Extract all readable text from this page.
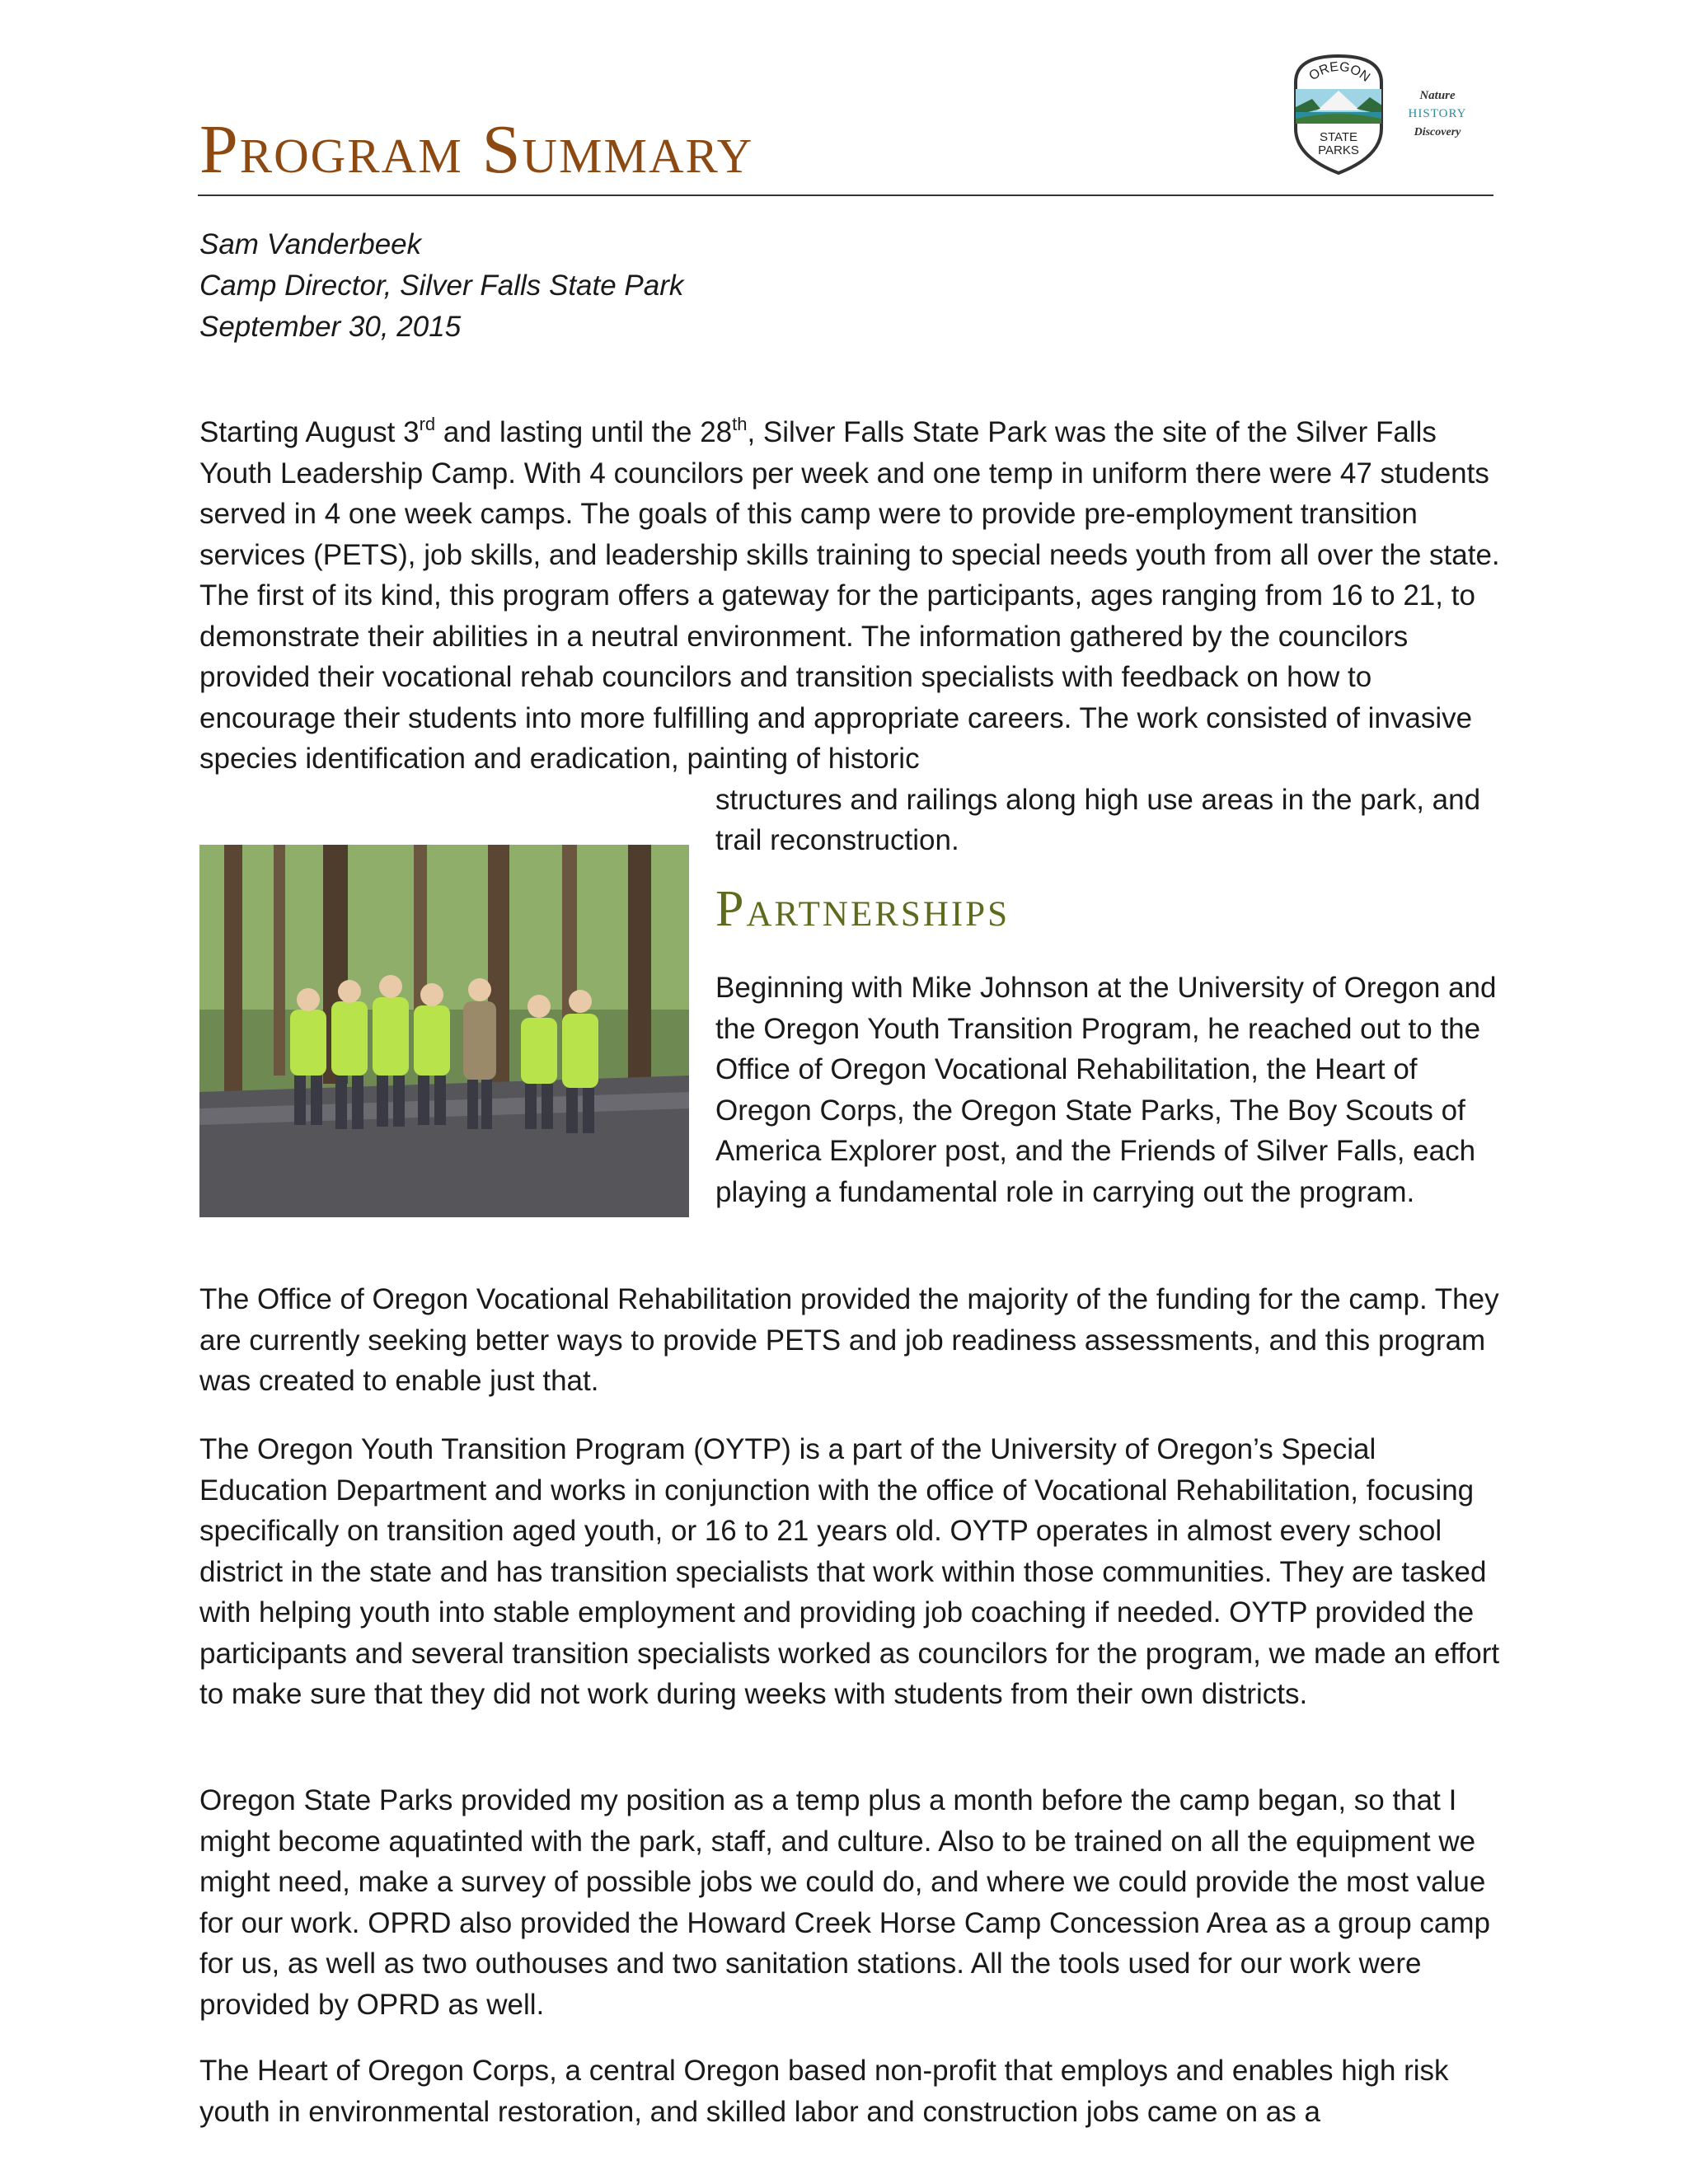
Program Summary
OREGON
STATE
PARKS
Nature
HISTORY
Discovery
Sam Vanderbeek
Camp Director, Silver Falls State Park
September 30, 2015

Starting August 3rd and lasting until the 28th, Silver Falls State Park was the site of the Silver Falls Youth Leadership Camp. With 4 councilors per week and one temp in uniform there were 47 students served in 4 one week camps. The goals of this camp were to provide pre-employment transition services (PETS), job skills, and leadership skills training to special needs youth from all over the state. The first of its kind, this program offers a gateway for the participants, ages ranging from 16 to 21, to demonstrate their abilities in a neutral environment. The information gathered by the councilors provided their vocational rehab councilors and transition specialists with feedback on how to encourage their students into more fulfilling and appropriate careers. The work consisted of invasive species identification and eradication, painting of historic
structures and railings along high use areas in the park, and trail reconstruction.

Partnerships

Beginning with Mike Johnson at the University of Oregon and the Oregon Youth Transition Program, he reached out to the Office of Oregon Vocational Rehabilitation, the Heart of Oregon Corps, the Oregon State Parks, The Boy Scouts of America Explorer post, and the Friends of Silver Falls, each playing a fundamental role in carrying out the program.

The Office of Oregon Vocational Rehabilitation provided the majority of the funding for the camp. They are currently seeking better ways to provide PETS and job readiness assessments, and this program was created to enable just that.

The Oregon Youth Transition Program (OYTP) is a part of the University of Oregon’s Special Education Department and works in conjunction with the office of Vocational Rehabilitation, focusing specifically on transition aged youth, or 16 to 21 years old. OYTP operates in almost every school district in the state and has transition specialists that work within those communities. They are tasked with helping youth into stable employment and providing job coaching if needed. OYTP provided the participants and several transition specialists worked as councilors for the program, we made an effort to make sure that they did not work during weeks with students from their own districts.

Oregon State Parks provided my position as a temp plus a month before the camp began, so that I might become aquatinted with the park, staff, and culture. Also to be trained on all the equipment we might need, make a survey of possible jobs we could do, and where we could provide the most value for our work. OPRD also provided the Howard Creek Horse Camp Concession Area as a group camp for us, as well as two outhouses and two sanitation stations. All the tools used for our work were provided by OPRD as well.

The Heart of Oregon Corps, a central Oregon based non-profit that employs and enables high risk youth in environmental restoration, and skilled labor and construction jobs came on as a
